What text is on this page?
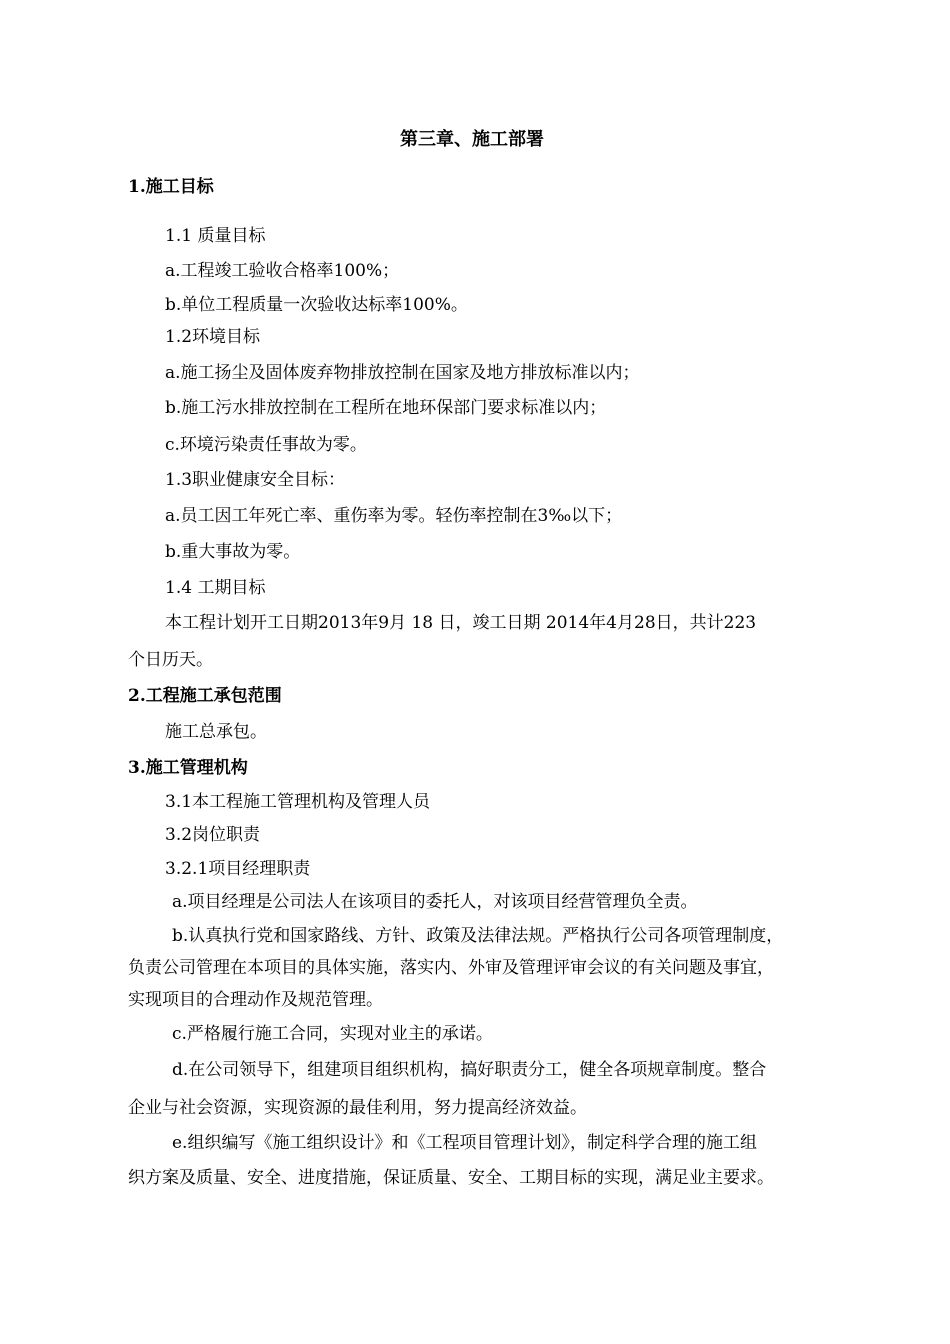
第三章、施工部署
1.施工目标
1.1 质量目标
a.工程竣工验收合格率100%；
b.单位工程质量一次验收达标率100%。
1.2环境目标
a.施工扬尘及固体废弃物排放控制在国家及地方排放标准以内；
b.施工污水排放控制在工程所在地环保部门要求标准以内；
c.环境污染责任事故为零。
1.3职业健康安全目标：
a.员工因工年死亡率、重伤率为零。轻伤率控制在3‰以下；
b.重大事故为零。
1.4 工期目标
本工程计划开工日期2013年9月 18 日，竣工日期 2014年4月28日，共计223
个日历天。
2.工程施工承包范围
施工总承包。
3.施工管理机构
3.1本工程施工管理机构及管理人员
3.2岗位职责
3.2.1项目经理职责
a.项目经理是公司法人在该项目的委托人，对该项目经营管理负全责。
b.认真执行党和国家路线、方针、政策及法律法规。严格执行公司各项管理制度，
负责公司管理在本项目的具体实施，落实内、外审及管理评审会议的有关问题及事宜，
实现项目的合理动作及规范管理。
c.严格履行施工合同，实现对业主的承诺。
d.在公司领导下，组建项目组织机构，搞好职责分工，健全各项规章制度。整合
企业与社会资源，实现资源的最佳利用，努力提高经济效益。
e.组织编写《施工组织设计》和《工程项目管理计划》，制定科学合理的施工组
织方案及质量、安全、进度措施，保证质量、安全、工期目标的实现，满足业主要求。
